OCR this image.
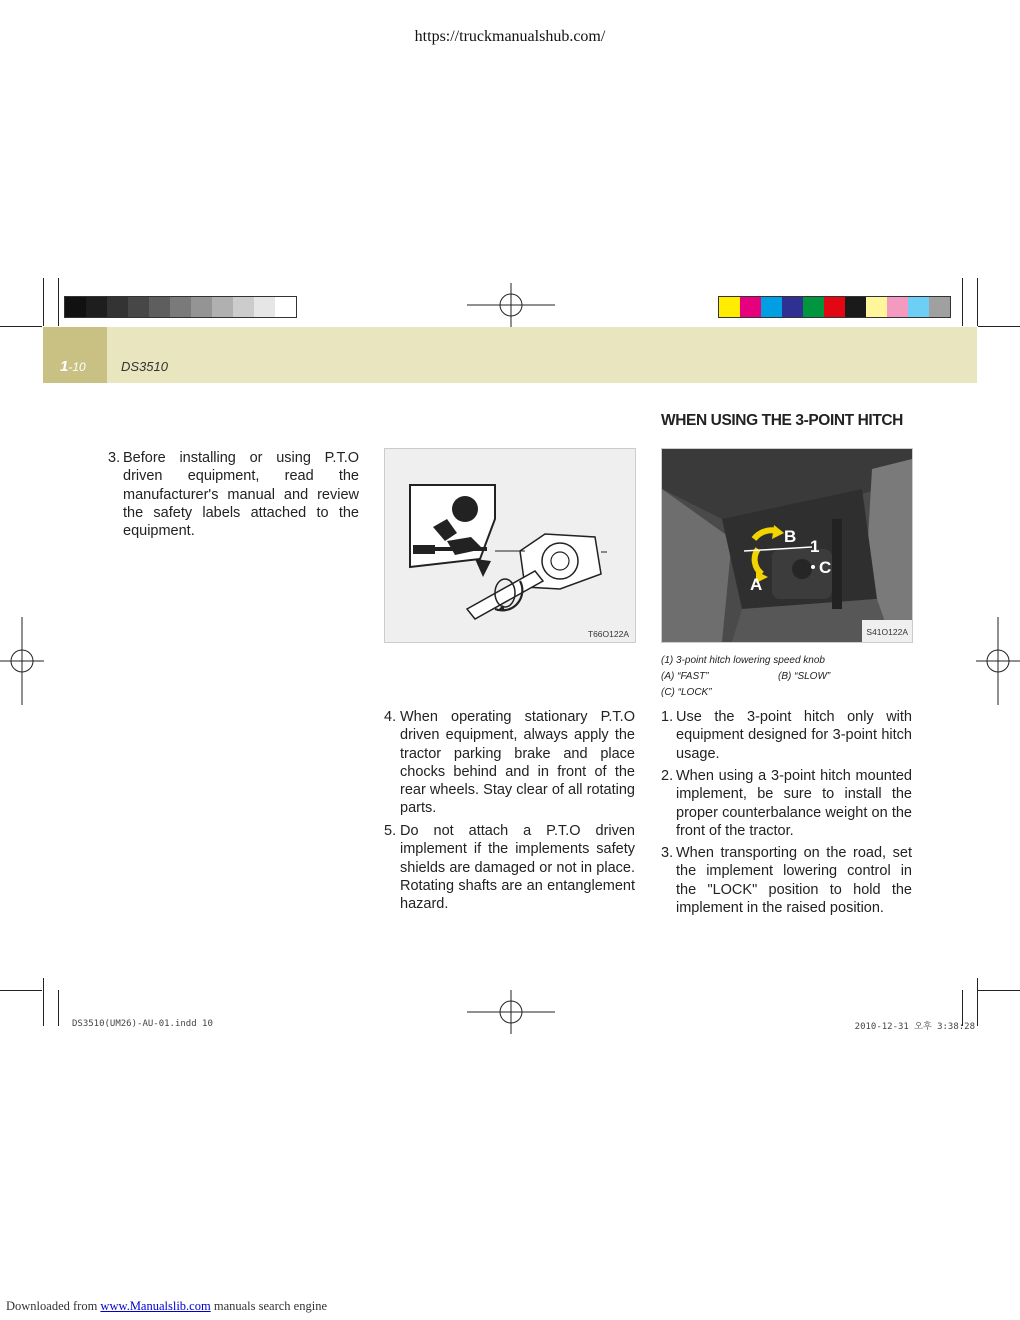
https://truckmanualshub.com/
1-10	DS3510
3. Before installing or using P.T.O driven equipment, read the manufacturer's manual and review the safety labels attached to the equipment.
T66O122A
4. When operating stationary P.T.O driven equipment, always apply the tractor parking brake and place chocks behind and in front of the rear wheels. Stay clear of all rotating parts.
5. Do not attach a P.T.O driven implement if the implements safety shields are damaged or not in place. Rotating shafts are an entanglement hazard.
WHEN USING THE 3-POINT HITCH
B
1
C
A
S41O122A
(1) 3-point hitch lowering speed knob
(A) “FAST”	(B) “SLOW”
(C) “LOCK”
1. Use the 3-point hitch only with equipment designed for 3-point hitch usage.
2. When using a 3-point hitch mounted implement, be sure to install the proper counterbalance weight on the front of the tractor.
3. When transporting on the road, set the implement lowering control in the "LOCK" position to hold the implement in the raised position.
DS3510(UM26)-AU-01.indd 10	2010-12-31 오후 3:38:28
Downloaded from www.Manualslib.com manuals search engine
